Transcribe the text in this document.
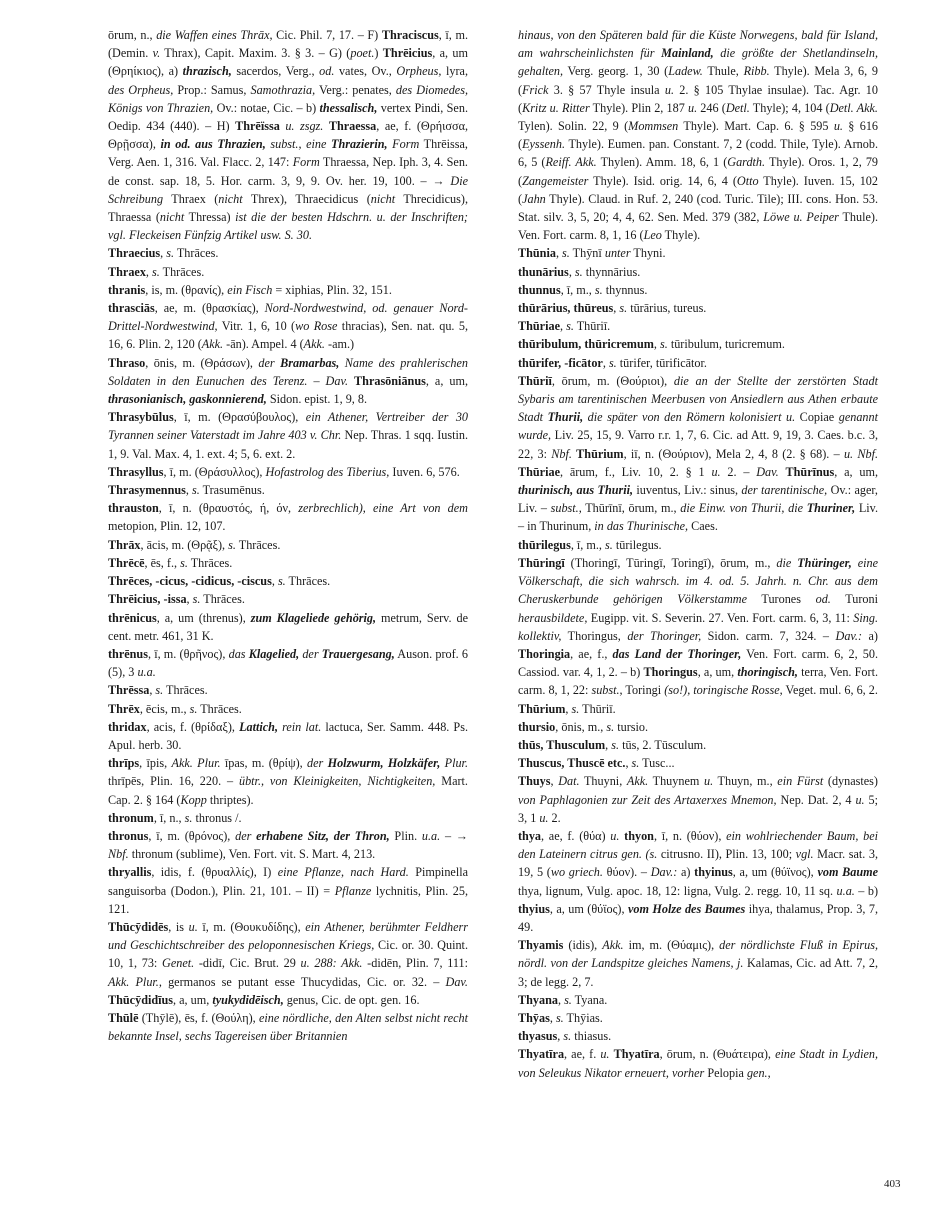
ōrum, n., die Waffen eines Thrāx, Cic. Phil. 7, 17. – F) Thraciscus, ī, m. (Demin. v. Thrax), Capit. Maxim. 3. § 3. – G) (poet.) Thrēicius, a, um (Θρηίκιος), a) thrazisch, sacerdos, Verg., od. vates, Ov., Orpheus, lyra, des Orpheus, Prop.: Samus, Samothrazia, Verg.: penates, des Diomedes, Königs von Thrazien, Ov.: notae, Cic. – b) thessalisch, vertex Pindi, Sen. Oedip. 434 (440). – H) Thrēïssa u. zsgz. Thraessa, ae, f. (Θρήισσα, Θρῇσσα), in od. aus Thrazien, subst., eine Thrazierin, Form Thrēissa, Verg. Aen. 1, 316. Val. Flacc. 2, 147: Form Thraessa, Nep. Iph. 3, 4. Sen. de const. sap. 18, 5. Hor. carm. 3, 9, 9. Ov. her. 19, 100. – → Die Schreibung Thraex (nicht Threx), Thraecidicus (nicht Threcidicus), Thraessa (nicht Thressa) ist die der besten Hdschrn. u. der Inschriften; vgl. Fleckeisen Fünfzig Artikel usw. S. 30.
Thraecius, s. Thrāces.
Thraex, s. Thrāces.
thranis, is, m. (θρανίς), ein Fisch = xiphias, Plin. 32, 151.
thrasciās, ae, m. (θρασκίας), Nord-Nordwestwind, od. genauer Nord-Drittel-Nordwestwind, Vitr. 1, 6, 10 (wo Rose thracias), Sen. nat. qu. 5, 16, 6. Plin. 2, 120 (Akk. -ān). Ampel. 4 (Akk. -am.)
Thraso, ōnis, m. (Θράσων), der Bramarbas, Name des prahlerischen Soldaten in den Eunuchen des Terenz. – Dav. Thrasōniānus, a, um, thrasonianisch, gaskonnierend, Sidon. epist. 1, 9, 8.
Thrasybūlus, ī, m. (Θρασύβουλος), ein Athener, Vertreiber der 30 Tyrannen seiner Vaterstadt im Jahre 403 v. Chr. Nep. Thras. 1 sqq. Iustin. 1, 9. Val. Max. 4, 1. ext. 4; 5, 6. ext. 2.
Thrasyllus, ī, m. (Θράσυλλος), Hofastrolog des Tiberius, Iuven. 6, 576.
Thrasymennus, s. Trasumēnus.
thrauston, ī, n. (θραυστός, ή, όν, zerbrechlich), eine Art von dem metopion, Plin. 12, 107.
Thrāx, ācis, m. (Θρᾷξ), s. Thrāces.
Thrēcē, ēs, f., s. Thrāces.
Thrēces, -cicus, -cidicus, -ciscus, s. Thrāces.
Thrēicius, -issa, s. Thrāces.
thrēnicus, a, um (threnus), zum Klageliede gehörig, metrum, Serv. de cent. metr. 461, 31 K.
thrēnus, ī, m. (θρῆνος), das Klagelied, der Trauergesang, Auson. prof. 6 (5), 3 u.a.
Thrēssa, s. Thrāces.
Thrēx, ēcis, m., s. Thrāces.
thridax, acis, f. (θρίδαξ), Lattich, rein lat. lactuca, Ser. Samm. 448. Ps. Apul. herb. 30.
thrīps, īpis, Akk. Plur. īpas, m. (θρίψ), der Holzwurm, Holzkäfer, Plur. thrīpēs, Plin. 16, 220. – übtr., von Kleinigkeiten, Nichtigkeiten, Mart. Cap. 2. § 164 (Kopp thriptes).
thronum, ī, n., s. thronus /.
thronus, ī, m. (θρόνος), der erhabene Sitz, der Thron, Plin. u.a. – → Nbf. thronum (sublime), Ven. Fort. vit. S. Mart. 4, 213.
thryallis, idis, f. (θρυαλλίς), I) eine Pflanze, nach Hard. Pimpinella sanguisorba (Dodon.), Plin. 21, 101. – II) = Pflanze lychnitis, Plin. 25, 121.
Thūcȳdidēs, is u. ī, m. (Θουκυδίδης), ein Athener, berühmter Feldherr und Geschichtschreiber des peloponnesischen Kriegs, Cic. or. 30. Quint. 10, 1, 73: Genet. -didī, Cic. Brut. 29 u. 288: Akk. -didēn, Plin. 7, 111: Akk. Plur., germanos se putant esse Thucydidas, Cic. or. 32. – Dav. Thūcȳdidīus, a, um, tyukydidēisch, genus, Cic. de opt. gen. 16.
Thūlē (Thȳlē), ēs, f. (Θούλη), eine nördliche, den Alten selbst nicht recht bekannte Insel, sechs Tagereisen über Britannien
hinaus, von den Späteren bald für die Küste Norwegens, bald für Island, am wahrscheinlichsten für Mainland, die größte der Shetlandinseln, gehalten, Verg. georg. 1, 30 (Ladew. Thule, Ribb. Thyle). Mela 3, 6, 9 (Frick 3. § 57 Thyle insula u. 2. § 105 Thylae insulae). Tac. Agr. 10 (Kritz u. Ritter Thyle). Plin 2, 187 u. 246 (Detl. Thyle); 4, 104 (Detl. Akk. Tylen). Solin. 22, 9 (Mommsen Thyle). Mart. Cap. 6. § 595 u. § 616 (Eyssenh. Thyle). Eumen. pan. Constant. 7, 2 (codd. Thile, Tyle). Arnob. 6, 5 (Reiff. Akk. Thylen). Amm. 18, 6, 1 (Gardth. Thyle). Oros. 1, 2, 79 (Zangemeister Thyle). Isid. orig. 14, 6, 4 (Otto Thyle). Iuven. 15, 102 (Jahn Thyle). Claud. in Ruf. 2, 240 (cod. Turic. Tile); III. cons. Hon. 53. Stat. silv. 3, 5, 20; 4, 4, 62. Sen. Med. 379 (382, Löwe u. Peiper Thule). Ven. Fort. carm. 8, 1, 16 (Leo Thyle).
Thūnia, s. Thȳnī unter Thyni.
thunārius, s. thynnārius.
thunnus, ī, m., s. thynnus.
thūrārius, thūreus, s. tūrārius, tureus.
Thūriae, s. Thūriī.
thūribulum, thūricremum, s. tūribulum, turicremum.
thūrifer, -ficātor, s. tūrifer, tūrificātor.
Thūriī, ōrum, m. (Θούριοι), die an der Stellte der zerstörten Stadt Sybaris am tarentinischen Meerbusen von Ansiedlern aus Athen erbaute Stadt Thurii, die später von den Römern kolonisiert u. Copiae genannt wurde, Liv. 25, 15, 9. Varro r.r. 1, 7, 6. Cic. ad Att. 9, 19, 3. Caes. b.c. 3, 22, 3: Nbf. Thūrium, iī, n. (Θούριον), Mela 2, 4, 8 (2. § 68). – u. Nbf. Thūriae, ārum, f., Liv. 10, 2. § 1 u. 2. – Dav. Thūrīnus, a, um, thurinisch, aus Thurii, iuventus, Liv.: sinus, der tarentinische, Ov.: ager, Liv. – subst., Thūrīnī, ōrum, m., die Einw. von Thurii, die Thuriner, Liv. – in Thurinum, in das Thurinische, Caes.
thūrilegus, ī, m., s. tūrilegus.
Thūringī (Thoringī, Tūringī, Toringī), ōrum, m., die Thüringer, eine Völkerschaft, die sich wahrsch. im 4. od. 5. Jahrh. n. Chr. aus dem Cheruskerbunde gehörigen Völkerstamme Turones od. Turoni herausbildete, Eugipp. vit. S. Severin. 27. Ven. Fort. carm. 6, 3, 11: Sing. kollektiv, Thoringus, der Thoringer, Sidon. carm. 7, 324. – Dav.: a) Thoringia, ae, f., das Land der Thoringer, Ven. Fort. carm. 6, 2, 50. Cassiod. var. 4, 1, 2. – b) Thoringus, a, um, thoringisch, terra, Ven. Fort. carm. 8, 1, 22: subst., Toringi (so!), toringische Rosse, Veget. mul. 6, 6, 2.
Thūrium, s. Thūriī.
thursio, ōnis, m., s. tursio.
thūs, Thusculum, s. tūs, 2. Tūsculum.
Thuscus, Thuscē etc., s. Tusc...
Thuys, Dat. Thuyni, Akk. Thuynem u. Thuyn, m., ein Fürst (dynastes) von Paphlagonien zur Zeit des Artaxerxes Mnemon, Nep. Dat. 2, 4 u. 5; 3, 1 u. 2.
thya, ae, f. (θύα) u. thyon, ī, n. (θύον), ein wohlriechender Baum, bei den Lateinern citrus gen. (s. citrusno. II), Plin. 13, 100; vgl. Macr. sat. 3, 19, 5 (wo griech. θύον). – Dav.: a) thyinus, a, um (θύϊνος), vom Baume thya, lignum, Vulg. apoc. 18, 12: ligna, Vulg. 2. regg. 10, 11 sq. u.a. – b) thyius, a, um (θύϊος), vom Holze des Baumes ihya, thalamus, Prop. 3, 7, 49.
Thyamis (idis), Akk. im, m. (Θύαμις), der nördlichste Fluß in Epirus, nördl. von der Landspitze gleiches Namens, j. Kalamas, Cic. ad Att. 7, 2, 3; de legg. 2, 7.
Thyana, s. Tyana.
Thȳas, s. Thȳias.
thyasus, s. thiasus.
Thyatīra, ae, f. u. Thyatīra, ōrum, n. (Θυάτειρα), eine Stadt in Lydien, von Seleukus Nikator erneuert, vorher Pelopia gen.,
403
